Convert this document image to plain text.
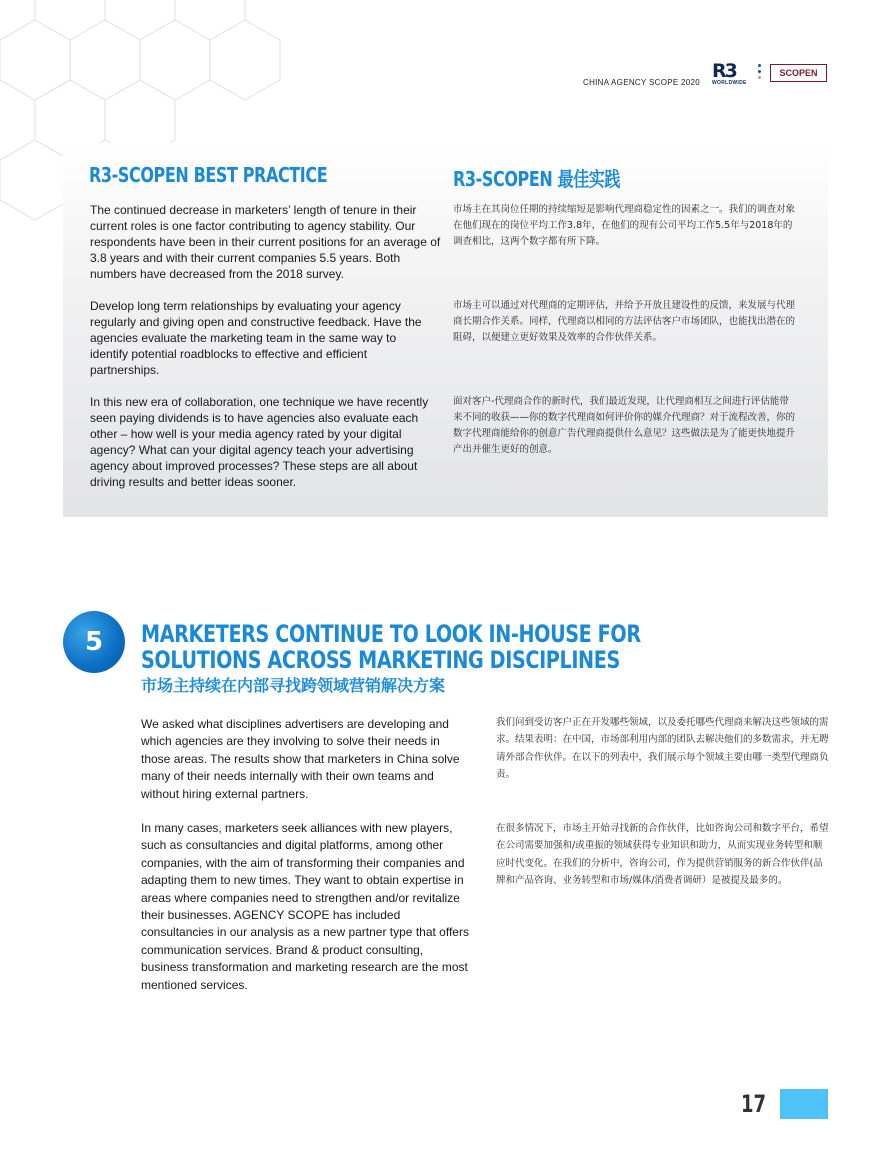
CHINA AGENCY SCOPE 2020
R3
WORLDWIDE
SCOPEN
R3-SCOPEN BEST PRACTICE	R3-SCOPEN 最佳实践
The continued decrease in marketers’ length of tenure in their current roles is one factor contributing to agency stability. Our respondents have been in their current positions for an average of 3.8 years and with their current companies 5.5 years. Both numbers have decreased from the 2018 survey.
Develop long term relationships by evaluating your agency regularly and giving open and constructive feedback. Have the agencies evaluate the marketing team in the same way to identify potential roadblocks to effective and efficient partnerships.
In this new era of collaboration, one technique we have recently seen paying dividends is to have agencies also evaluate each other – how well is your media agency rated by your digital agency? What can your digital agency teach your advertising agency about improved processes? These steps are all about driving results and better ideas sooner.
市场主在其岗位任期的持续缩短是影响代理商稳定性的因素之一。我们的调查对象在他们现在的岗位平均工作3.8年，在他们的现有公司平均工作5.5年与2018年的调查相比，这两个数字都有所下降。
市场主可以通过对代理商的定期评估，并给予开放且建设性的反馈，来发展与代理商长期合作关系。同样，代理商以相同的方法评估客户市场团队，也能找出潜在的阻碍，以便建立更好效果及效率的合作伙伴关系。
面对客户-代理商合作的新时代，我们最近发现，让代理商相互之间进行评估能带来不同的收获——你的数字代理商如何评价你的媒介代理商？对于流程改善，你的数字代理商能给你的创意广告代理商提供什么意见？这些做法是为了能更快地提升产出并催生更好的创意。
5	MARKETERS CONTINUE TO LOOK IN-HOUSE FOR SOLUTIONS ACROSS MARKETING DISCIPLINES
市场主持续在内部寻找跨领域营销解决方案
We asked what disciplines advertisers are developing and which agencies are they involving to solve their needs in those areas. The results show that marketers in China solve many of their needs internally with their own teams and without hiring external partners.
In many cases, marketers seek alliances with new players, such as consultancies and digital platforms, among other companies, with the aim of transforming their companies and adapting them to new times. They want to obtain expertise in areas where companies need to strengthen and/or revitalize their businesses. AGENCY SCOPE has included consultancies in our analysis as a new partner type that offers communication services. Brand & product consulting, business transformation and marketing research are the most mentioned services.
我们问到受访客户正在开发哪些领域，以及委托哪些代理商来解决这些领域的需求。结果表明：在中国，市场部利用内部的团队去解决他们的多数需求，并无聘请外部合作伙伴。在以下的列表中，我们展示每个领域主要由哪一类型代理商负责。
在很多情况下，市场主开始寻找新的合作伙伴，比如咨询公司和数字平台，希望在公司需要加强和/或重振的领域获得专业知识和助力，从而实现业务转型和顺应时代变化。在我们的分析中，咨询公司，作为提供营销服务的新合作伙伴(品牌和产品咨询、业务转型和市场/媒体/消费者调研）是被提及最多的。
17
